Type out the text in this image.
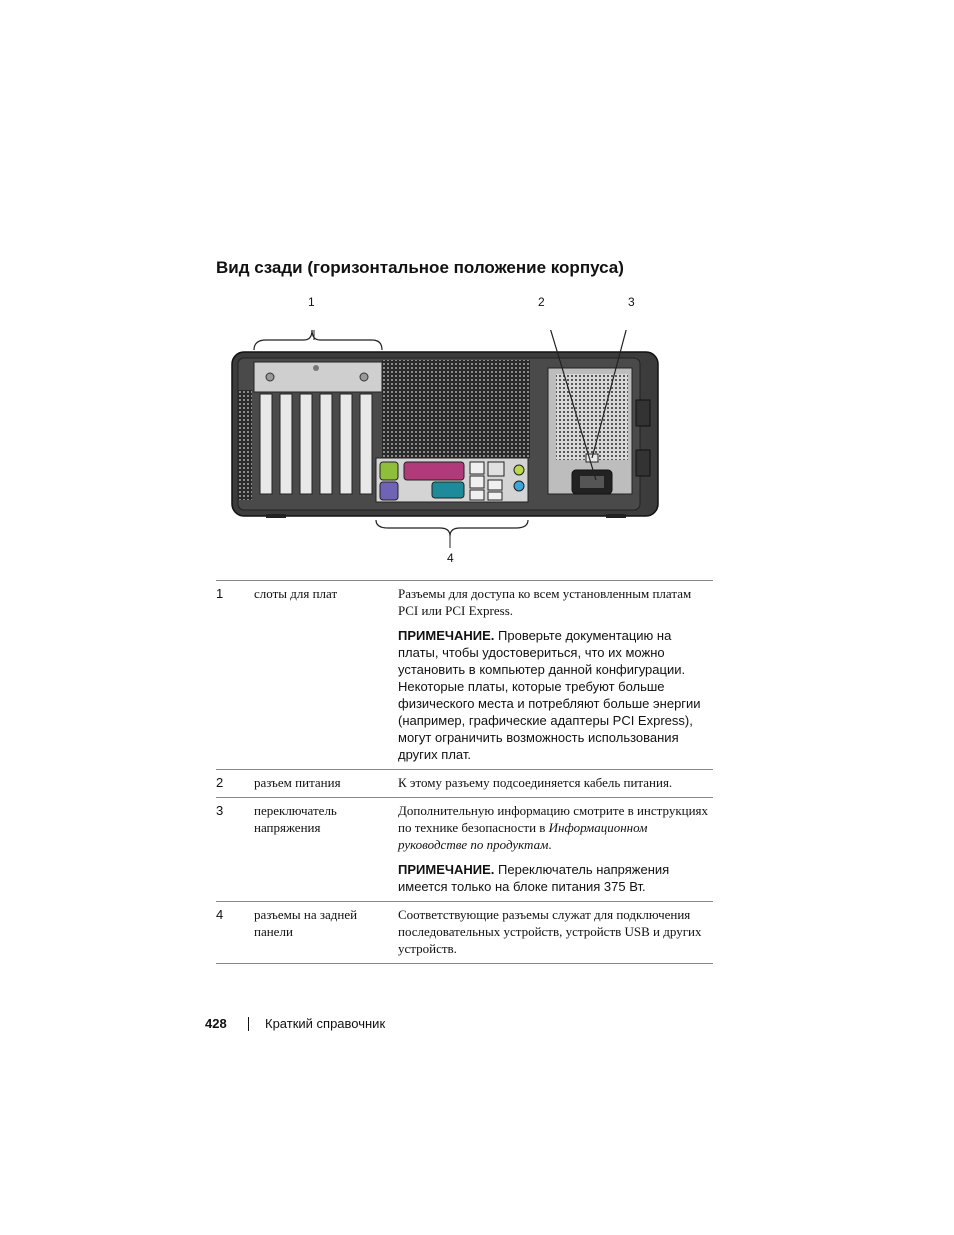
Вид сзади (горизонтальное положение корпуса)
1	2	3
4
1	слоты для плат	Разъемы для доступа ко всем установленным платам PCI или PCI Express.

ПРИМЕЧАНИЕ. Проверьте документацию на платы, чтобы удостовериться, что их можно установить в компьютер данной конфигурации. Некоторые платы, которые требуют больше физического места и потребляют больше энергии (например, графические адаптеры PCI Express), могут ограничить возможность использования других плат.

2	разъем питания	К этому разъему подсоединяется кабель питания.

3	переключатель напряжения	Дополнительную информацию смотрите в инструкциях по технике безопасности в Информационном руководстве по продуктам.

ПРИМЕЧАНИЕ. Переключатель напряжения имеется только на блоке питания 375 Вт.

4	разъемы на задней панели	Соответствующие разъемы служат для подключения последовательных устройств, устройств USB и других устройств.

428	Краткий справочник
